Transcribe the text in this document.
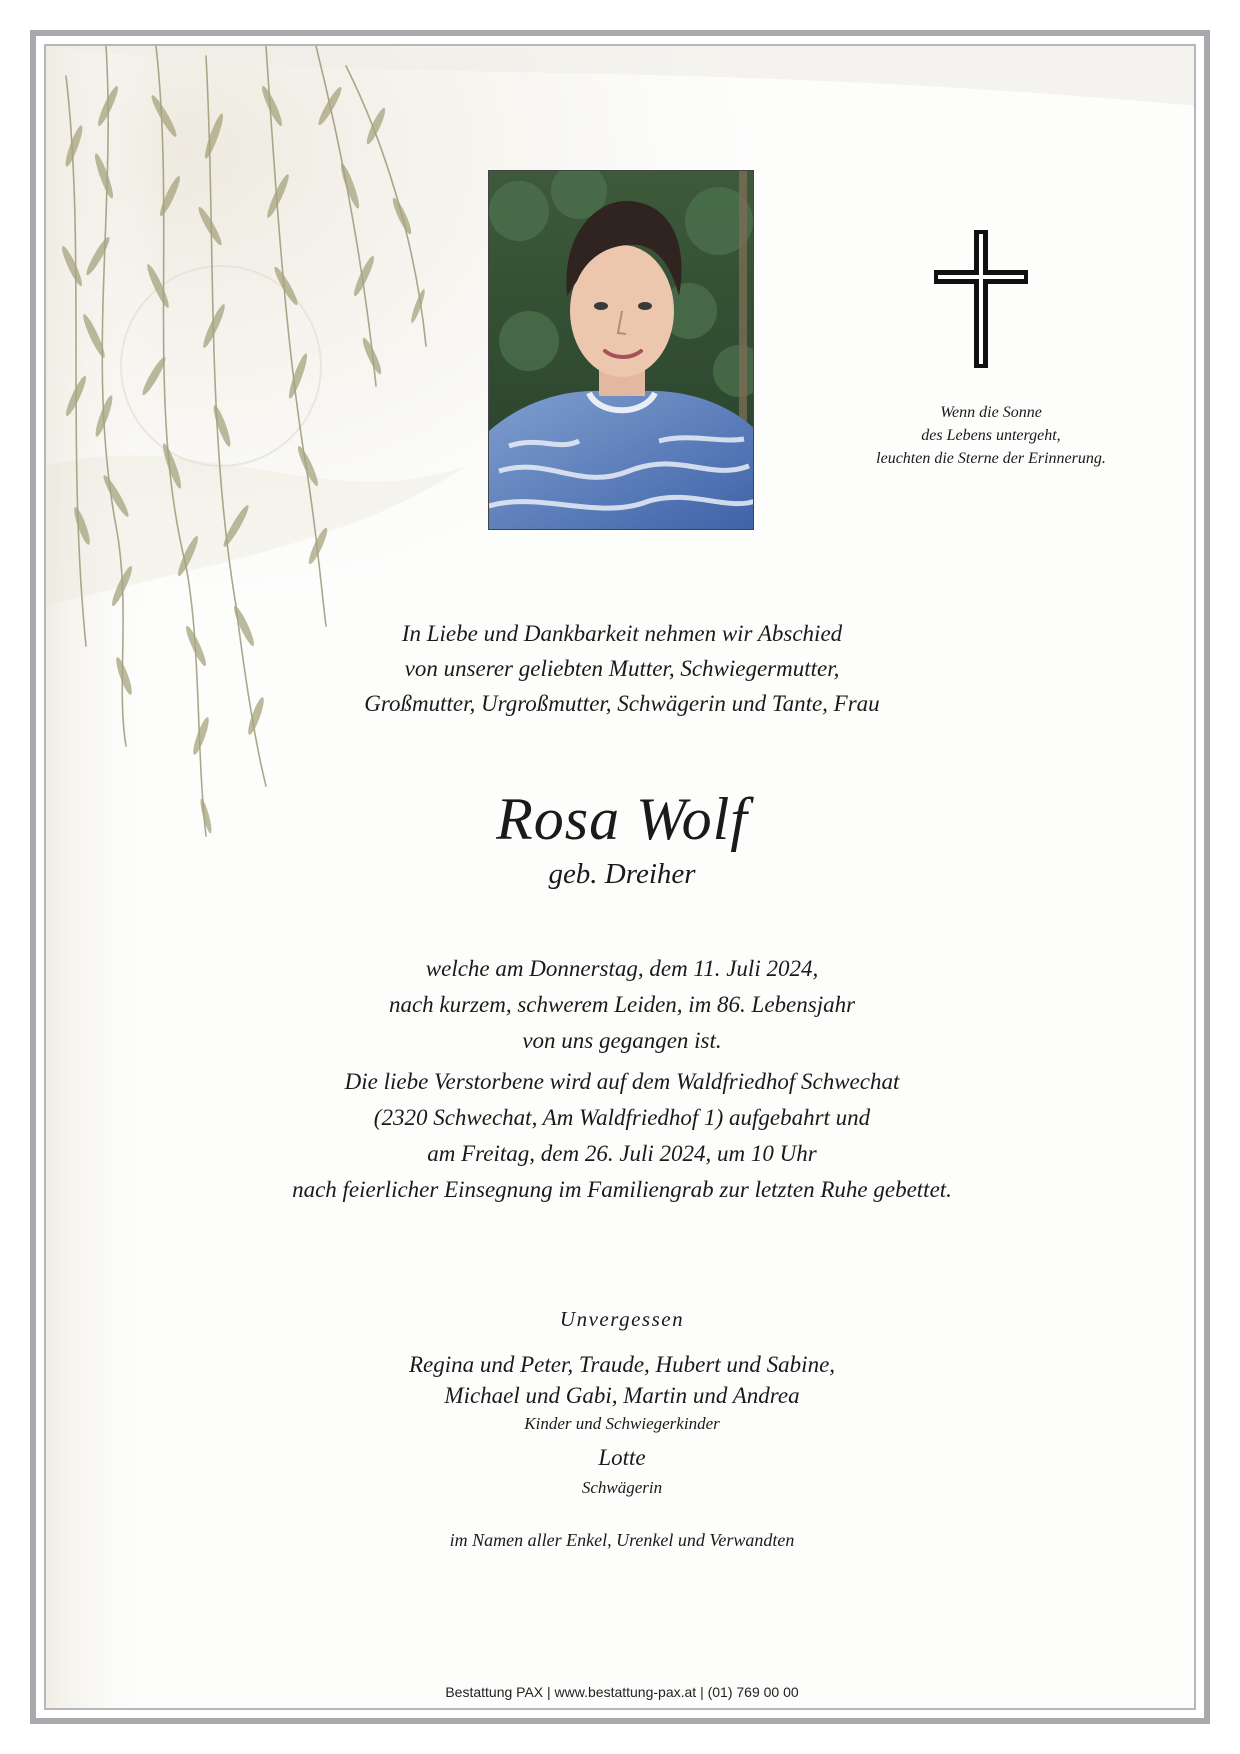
Wenn die Sonne
des Lebens untergeht,
leuchten die Sterne der Erinnerung.
In Liebe und Dankbarkeit nehmen wir Abschied
von unserer geliebten Mutter, Schwiegermutter,
Großmutter, Urgroßmutter, Schwägerin und Tante, Frau
Rosa Wolf
geb. Dreiher
welche am Donnerstag, dem 11. Juli 2024,
nach kurzem, schwerem Leiden, im 86. Lebensjahr
von uns gegangen ist.
Die liebe Verstorbene wird auf dem Waldfriedhof Schwechat
(2320 Schwechat, Am Waldfriedhof 1) aufgebahrt und
am Freitag, dem 26. Juli 2024, um 10 Uhr
nach feierlicher Einsegnung im Familiengrab zur letzten Ruhe gebettet.
Unvergessen
Regina und Peter, Traude, Hubert und Sabine,
Michael und Gabi, Martin und Andrea
Kinder und Schwiegerkinder
Lotte
Schwägerin
im Namen aller Enkel, Urenkel und Verwandten
Bestattung PAX | www.bestattung-pax.at | (01) 769 00 00
